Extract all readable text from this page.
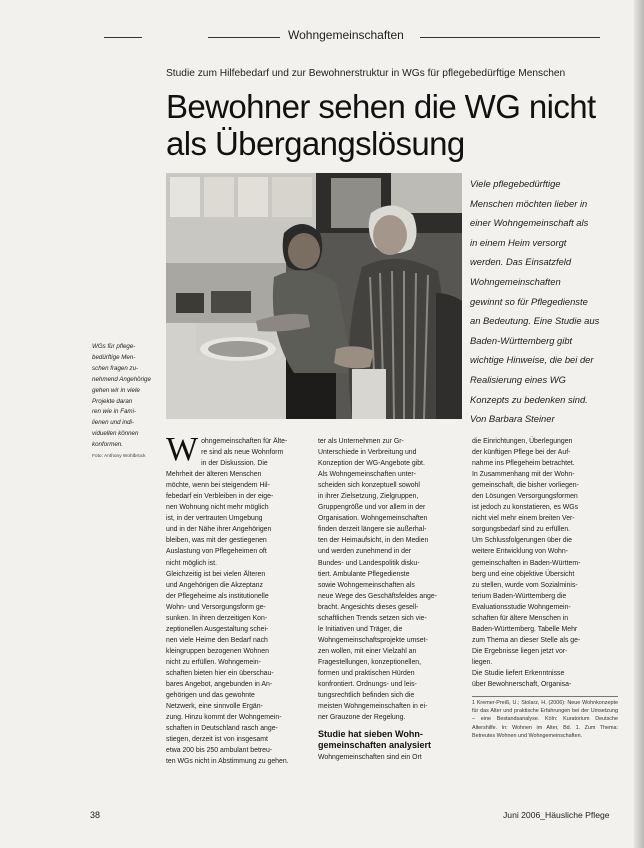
Wohngemeinschaften
Studie zum Hilfebedarf und zur Bewohnerstruktur in WGs für pflegebedürftige Menschen
Bewohner sehen die WG nicht
als Übergangslösung
Viele pflegebedürftige
Menschen möchten lieber in
einer Wohngemeinschaft als
in einem Heim versorgt
werden. Das Einsatzfeld
Wohngemeinschaften
gewinnt so für Pflegedienste
an Bedeutung. Eine Studie aus
Baden-Württemberg gibt
wichtige Hinweise, die bei der
Realisierung eines WG
Konzepts zu bedenken sind.
Von Barbara Steiner
WGs für pflege-
bedürftige Men-
schen fragen zu-
nehmend Angehörige
gehen wir in viele
Projekte daran
ren wie in Fami-
lienen und indi-
viduellen können
konformen.
Foto: Anthony Wohlbrück W ohngemeinschaften für Älte-
re sind als neue Wohnform
in der Diskussion. Die
Mehrheit der älteren Menschen
möchte, wenn bei steigendem Hil-
febedarf ein Verbleiben in der eige-
nen Wohnung nicht mehr möglich
ist, in der vertrauten Umgebung
und in der Nähe ihrer Angehörigen
bleiben, was mit der gestiegenen
Auslastung von Pflegeheimen oft
nicht möglich ist.
Gleichzeitig ist bei vielen Älteren
und Angehörigen die Akzeptanz
der Pflegeheime als institutionelle
Wohn- und Versorgungsform ge-
sunken. In ihren derzeitigen Kon-
zeptionellen Ausgestaltung schei-
nen viele Heime den Bedarf nach
kleingruppen bezogenen Wohnen
nicht zu erfüllen. Wohngemein-
schaften bieten hier ein überschau-
bares Angebot, angebunden in An-
gehörigen und das gewohnte
Netzwerk, eine sinnvolle Ergän-
zung. Hinzu kommt der Wohngemein-
schaften in Deutschland rasch ange-
stiegen, derzeit ist von insgesamt
etwa 200 bis 250 ambulant betreu-
ten WGs nicht in Abstimmung zu gehen.
ter als Unternehmen zur Gr-
Unterschiede in Verbreitung und
Konzeption der WG-Angebote gibt.
Als Wohngemeinschaften unter-
scheiden sich konzeptuell sowohl
in ihrer Zielsetzung, Zielgruppen,
Gruppengröße und vor allem in der
Organisation. Wohngemeinschaften
finden derzeit längere sie außerhal-
ten der Heimaufsicht, in den Medien
und werden zunehmend in der
Bundes- und Landespolitik disku-
tiert. Ambulante Pflegedienste
sowie Wohngemeinschaften als
neue Wege des Geschäftsfeldes ange-
bracht. Angesichts dieses gesell-
schaftlichen Trends setzen sich vie-
le Initiativen und Träger, die
Wohngemeinschaftsprojekte umset-
zen wollen, mit einer Vielzahl an
Fragestellungen, konzeptionellen,
formen und praktischen Hürden
konfrontiert. Ordnungs- und leis-
tungsrechtlich befinden sich die
meisten Wohngemeinschaften in ei-
ner Grauzone der Regelung.
Studie hat sieben Wohn-
gemeinschaften analysiert
Wohngemeinschaften sind ein Ort
die Einrichtungen, Überlegungen
der künftigen Pflege bei der Auf-
nahme ins Pflegeheim betrachtet.
In Zusammenhang mit der Wohn-
gemeinschaft, die bisher vorliegen-
den Lösungen Versorgungsformen
ist jedoch zu konstatieren, es WGs
nicht viel mehr einem breiten Ver-
sorgungsbedarf sind zu erfüllen.
Um Schlussfolgerungen über die
weitere Entwicklung von Wohn-
gemeinschaften in Baden-Württem-
berg und eine objektive Übersicht
zu stellen, wurde vom Sozialminis-
terium Baden-Württemberg die
Evaluationsstudie Wohngemein-
schaften für ältere Menschen in
Baden-Württemberg. Tabelle Mehr
zum Thema an dieser Stelle als ge-
Die Ergebnisse liegen jetzt vor-
liegen.
Die Studie liefert Erkenntnisse
über Bewohnerschaft, Organisa-
1 Kremer-Preiß, U.; Stolarz, H. (2006): Neue Wohnkonzepte für das Alter und praktische Erfahrungen bei der Umsetzung – eine Bestandsanalyse. Köln: Kuratorium Deutsche Altershilfe. In: Wohnen im Alter, Bd. 1. Zum Thema: Betreutes Wohnen und Wohngemeinschaften.
38	Juni 2006_Häusliche Pflege
